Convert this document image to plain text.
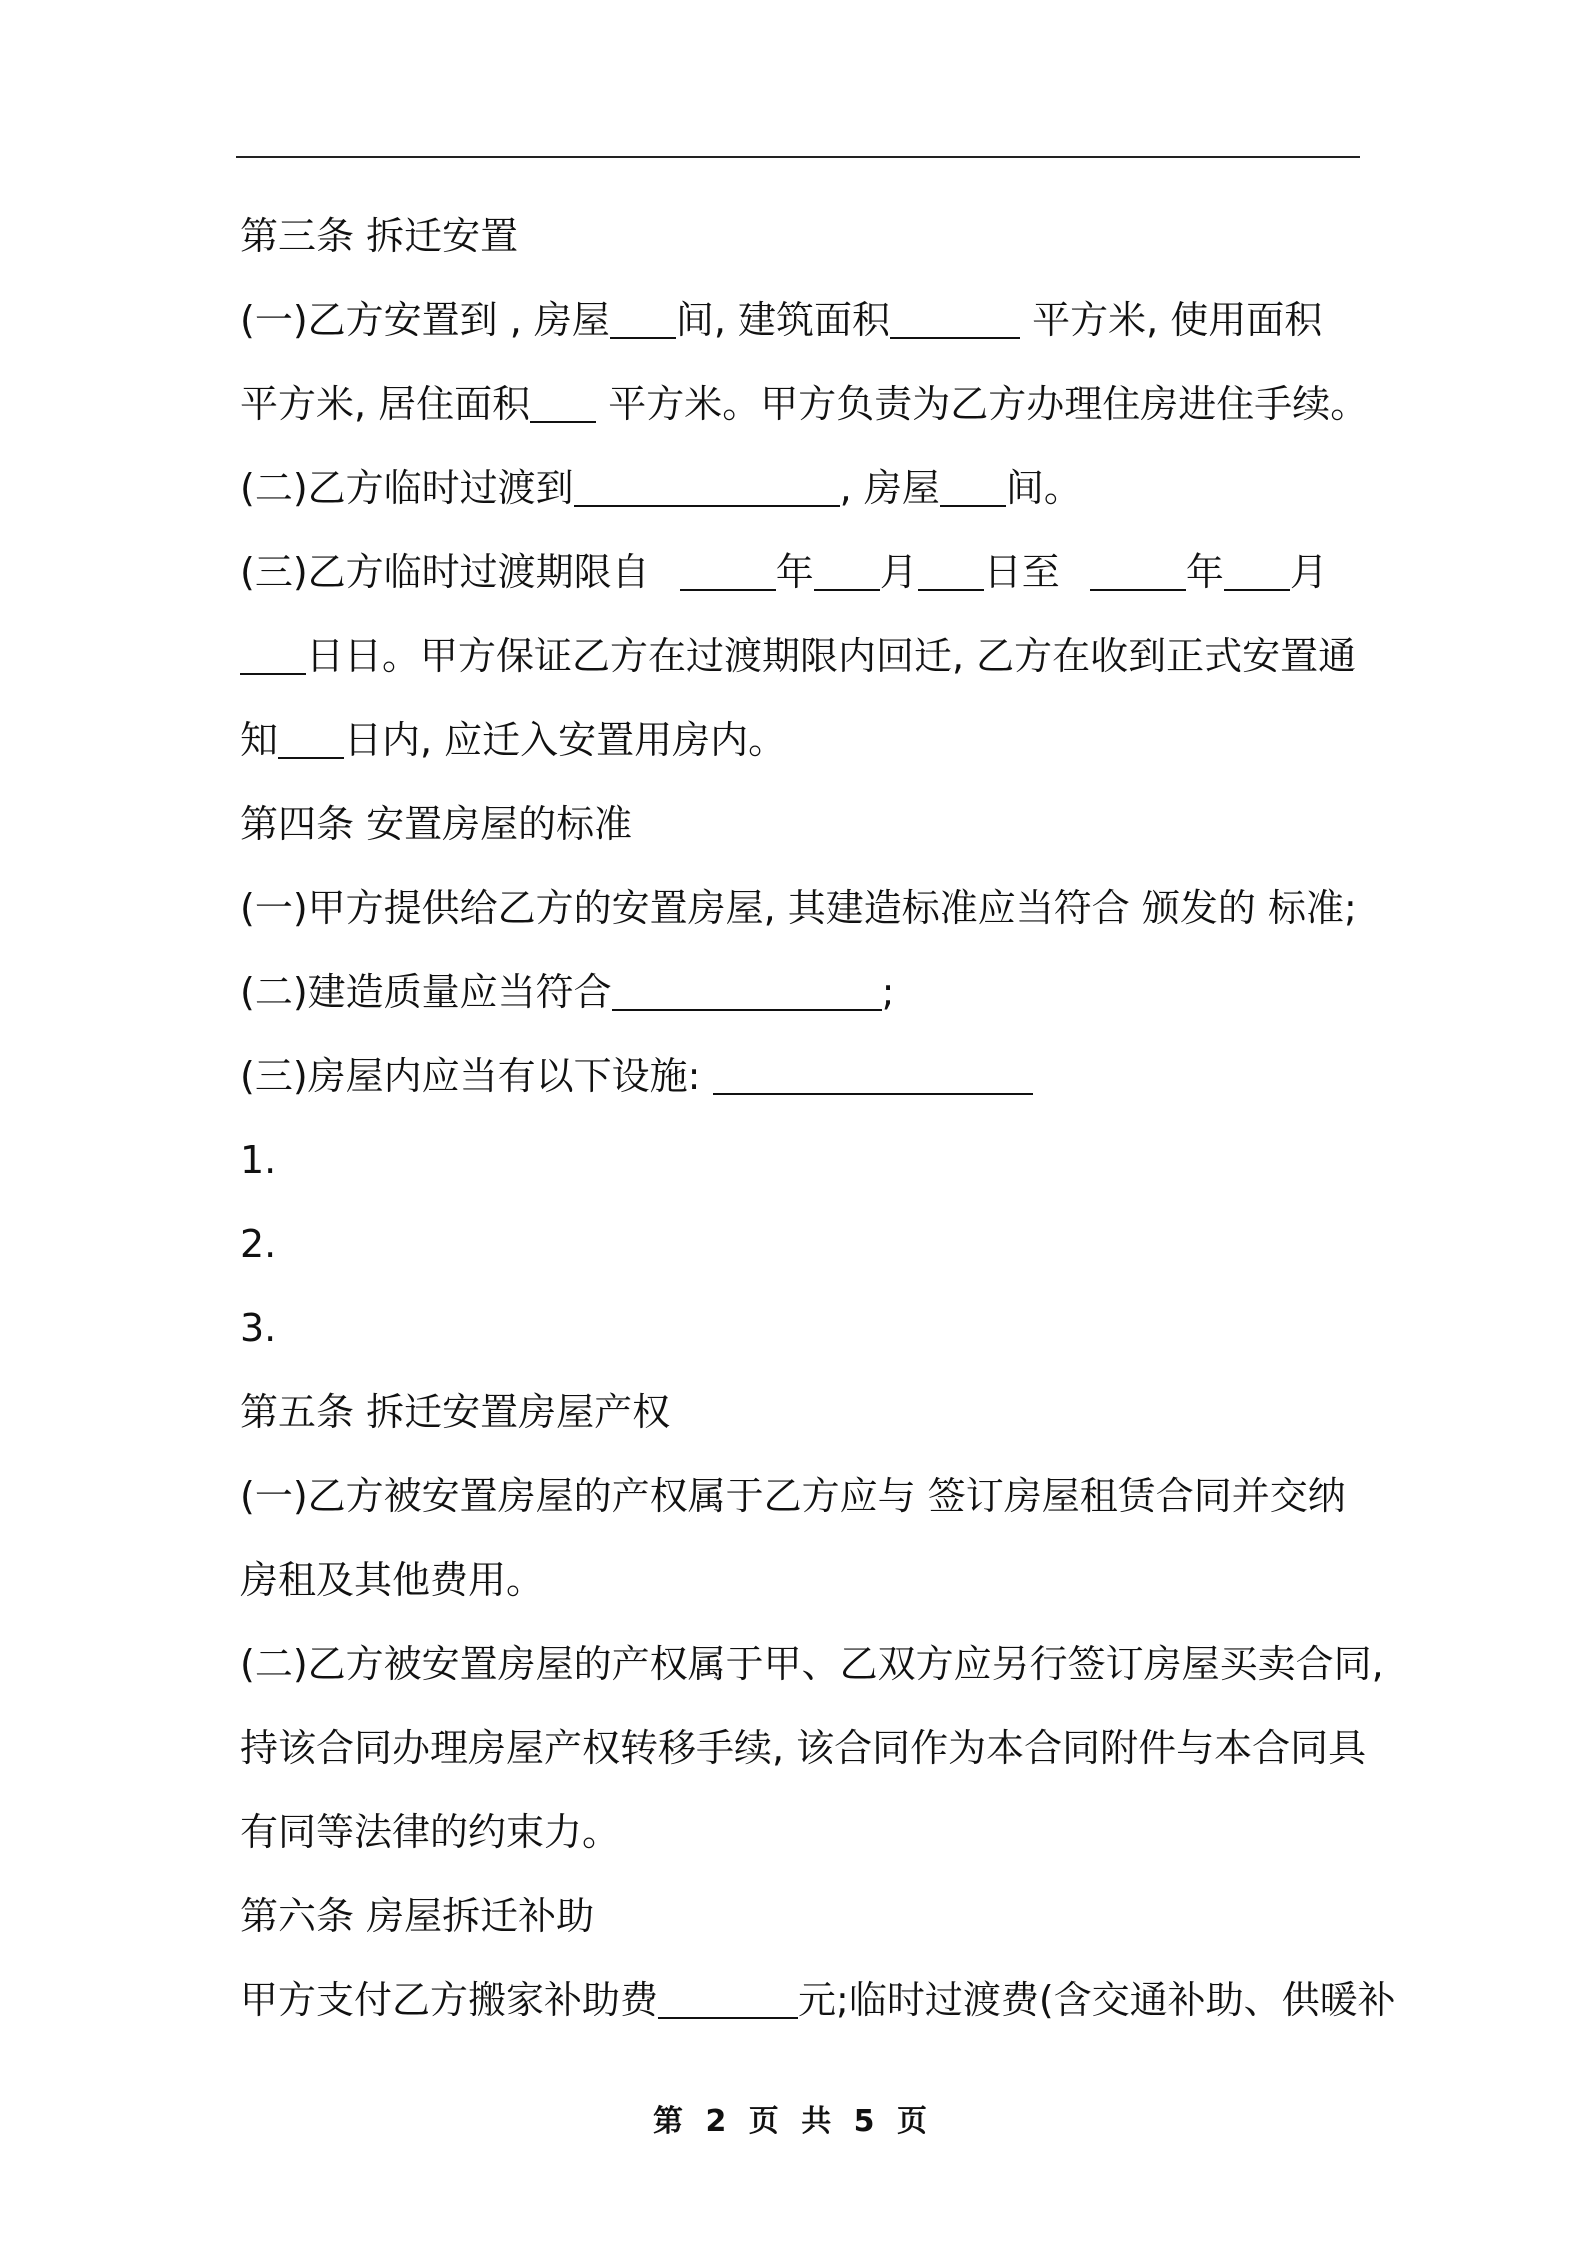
第三条 拆迁安置
(一)乙方安置到 , 房屋 间, 建筑面积	平方米, 使用面积
平方米, 居住面积 平方米。甲方负责为乙方办理住房进住手续。
(二)乙方临时过渡到	, 房屋 间。
(三)乙方临时过渡期限自	年 月 日至	年 月
日日。甲方保证乙方在过渡期限内回迁, 乙方在收到正式安置通
知 日内, 应迁入安置用房内。
第四条 安置房屋的标准
(一)甲方提供给乙方的安置房屋, 其建造标准应当符合 颁发的 标准;
(二)建造质量应当符合	;
(三)房屋内应当有以下设施:
1.
2.
3.
第五条 拆迁安置房屋产权
(一)乙方被安置房屋的产权属于乙方应与 签订房屋租赁合同并交纳
房租及其他费用。
(二)乙方被安置房屋的产权属于甲、乙双方应另行签订房屋买卖合同,
持该合同办理房屋产权转移手续, 该合同作为本合同附件与本合同具
有同等法律的约束力。
第六条 房屋拆迁补助
甲方支付乙方搬家补助费	元;临时过渡费(含交通补助、供暖补
第 2 页 共 5 页
